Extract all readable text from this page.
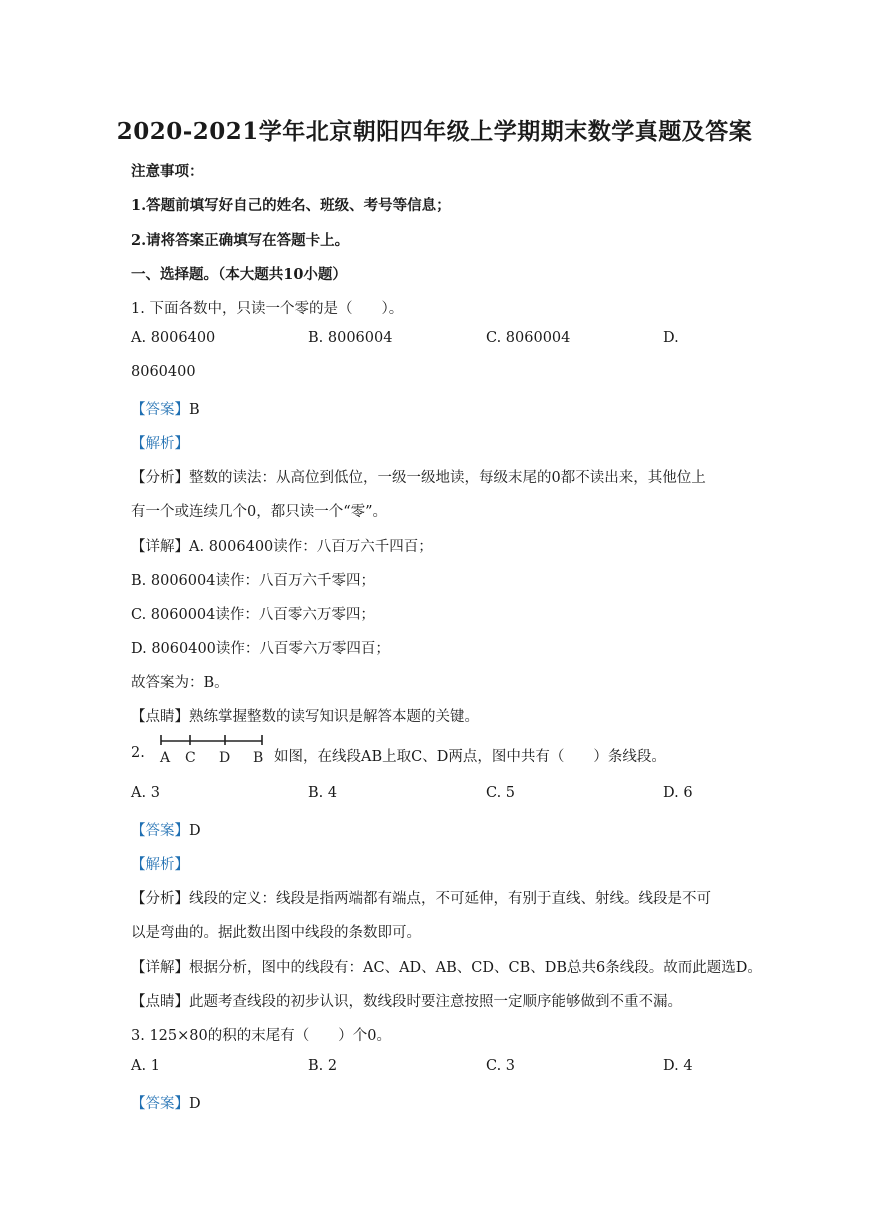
2020-2021学年北京朝阳四年级上学期期末数学真题及答案
注意事项：
1.答题前填写好自己的姓名、班级、考号等信息；
2.请将答案正确填写在答题卡上。
一、选择题。（本大题共10小题）
1. 下面各数中，只读一个零的是（　　）。
A. 8006400	B. 8006004	C. 8060004	D.
8060400
【答案】B
【解析】
【分析】整数的读法：从高位到低位，一级一级地读，每级末尾的0都不读出来，其他位上
有一个或连续几个0，都只读一个“零”。
【详解】A. 8006400读作：八百万六千四百；
B. 8006004读作：八百万六千零四；
C. 8060004读作：八百零六万零四；
D. 8060400读作：八百零六万零四百；
故答案为：B。
【点睛】熟练掌握整数的读写知识是解答本题的关键。
2. A C D B 如图，在线段AB上取C、D两点，图中共有（　　）条线段。
A. 3	B. 4	C. 5	D. 6
【答案】D
【解析】
【分析】线段的定义：线段是指两端都有端点，不可延伸，有别于直线、射线。线段是不可
以是弯曲的。据此数出图中线段的条数即可。
【详解】根据分析，图中的线段有：AC、AD、AB、CD、CB、DB总共6条线段。故而此题选D。
【点睛】此题考查线段的初步认识，数线段时要注意按照一定顺序能够做到不重不漏。
3. 125×80的积的末尾有（　　）个0。
A. 1	B. 2	C. 3	D. 4
【答案】D
